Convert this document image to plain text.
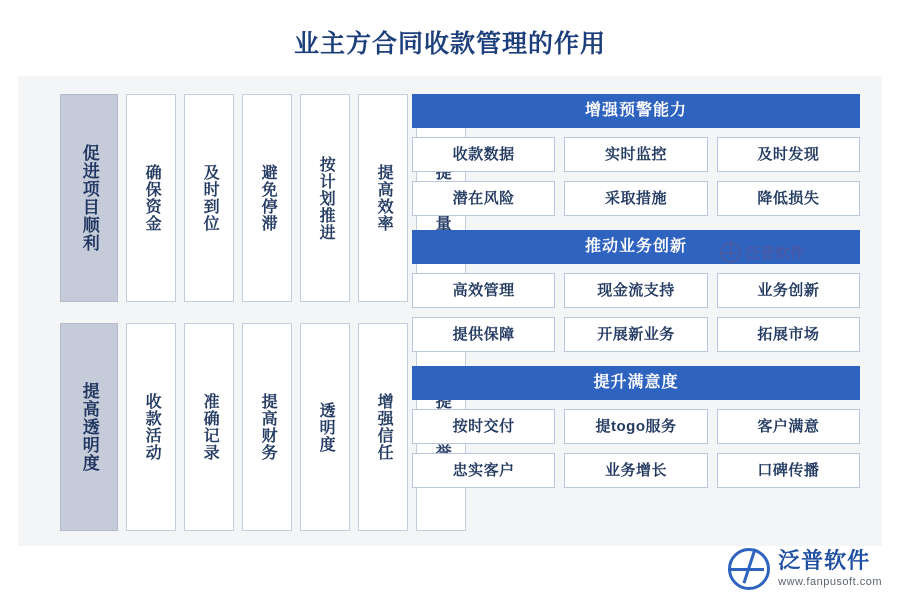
业主方合同收款管理的作用
促进项目顺利	确保资金	及时到位	避免停滞	按计划推进	提高效率
提高透明度	收款活动	准确记录	提高财务	透明度	增强信任
增强预警能力
收款数据	实时监控	及时发现
潜在风险	采取措施	降低损失
推动业务创新
高效管理	现金流支持	业务创新
提供保障	开展新业务	拓展市场
提升满意度
按时交付	提togo服务	客户满意
忠实客户	业务增长	口碑传播
泛普软件
www.fanpusoft.com
